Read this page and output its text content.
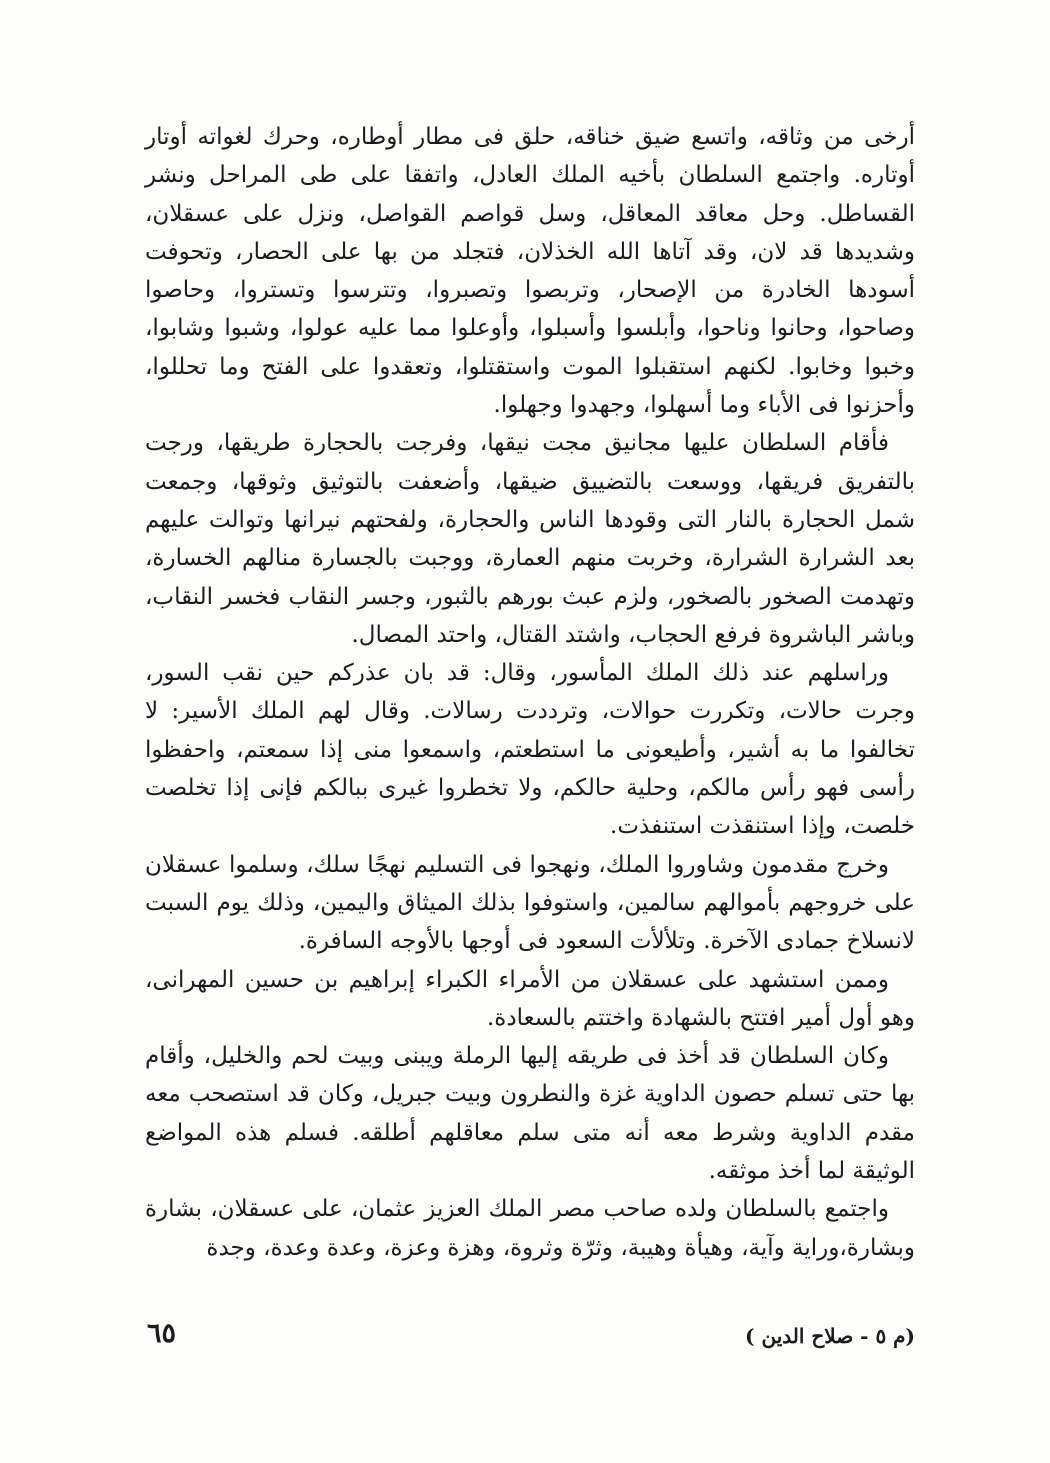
أرخى من وثاقه، واتسع ضيق خناقه، حلق فى مطار أوطاره، وحرك لغواته أوتار أوتاره. واجتمع السلطان بأخيه الملك العادل، واتفقا على طى المراحل ونشر القساطل. وحل معاقد المعاقل، وسل قواصم القواصل، ونزل على عسقلان، وشديدها قد لان، وقد آتاها الله الخذلان، فتجلد من بها على الحصار، وتحوفت أسودها الخادرة من الإصحار، وتربصوا وتصبروا، وتترسوا وتستروا، وحاصوا وصاحوا، وحانوا وناحوا، وأبلسوا وأسبلوا، وأوعلوا مما عليه عولوا، وشبوا وشابوا، وخبوا وخابوا. لكنهم استقبلوا الموت واستقتلوا، وتعقدوا على الفتح وما تحللوا، وأحزنوا فى الأباء وما أسهلوا، وجهدوا وجهلوا.

فأقام السلطان عليها مجانيق مجت نيقها، وفرجت بالحجارة طريقها، ورجت بالتفريق فريقها، ووسعت بالتضييق ضيقها، وأضعفت بالتوثيق وثوقها، وجمعت شمل الحجارة بالنار التى وقودها الناس والحجارة، ولفحتهم نيرانها وتوالت عليهم بعد الشرارة الشرارة، وخربت منهم العمارة، ووجبت بالجسارة منالهم الخسارة، وتهدمت الصخور بالصخور، ولزم عبث بورهم بالثبور، وجسر النقاب فخسر النقاب، وباشر الباشروة فرفع الحجاب، واشتد القتال، واحتد المصال.

وراسلهم عند ذلك الملك المأسور، وقال: قد بان عذركم حين نقب السور، وجرت حالات، وتكررت حوالات، وترددت رسالات. وقال لهم الملك الأسير: لا تخالفوا ما به أشير، وأطيعونى ما استطعتم، واسمعوا منى إذا سمعتم، واحفظوا رأسى فهو رأس مالكم، وحلية حالكم، ولا تخطروا غيرى ببالكم فإنى إذا تخلصت خلصت، وإذا استنقذت استنفذت.

وخرج مقدمون وشاوروا الملك، ونهجوا فى التسليم نهجًا سلك، وسلموا عسقلان على خروجهم بأموالهم سالمين، واستوفوا بذلك الميثاق واليمين، وذلك يوم السبت لانسلاخ جمادى الآخرة. وتلألأت السعود فى أوجها بالأوجه السافرة.

وممن استشهد على عسقلان من الأمراء الكبراء إبراهيم بن حسين المهرانى، وهو أول أمير افتتح بالشهادة واختتم بالسعادة.

وكان السلطان قد أخذ فى طريقه إليها الرملة ويبنى وبيت لحم والخليل، وأقام بها حتى تسلم حصون الداوية غزة والنطرون وبيت جبريل، وكان قد استصحب معه مقدم الداوية وشرط معه أنه متى سلم معاقلهم أطلقه. فسلم هذه المواضع الوثيقة لما أخذ موثقه.

واجتمع بالسلطان ولده صاحب مصر الملك العزيز عثمان، على عسقلان، بشارة وبشارة،وراية وآية، وهيأة وهيبة، وثرّة وثروة، وهزة وعزة، وعدة وعدة، وجدة

(م ٥ - صلاح الدين )
٦٥
